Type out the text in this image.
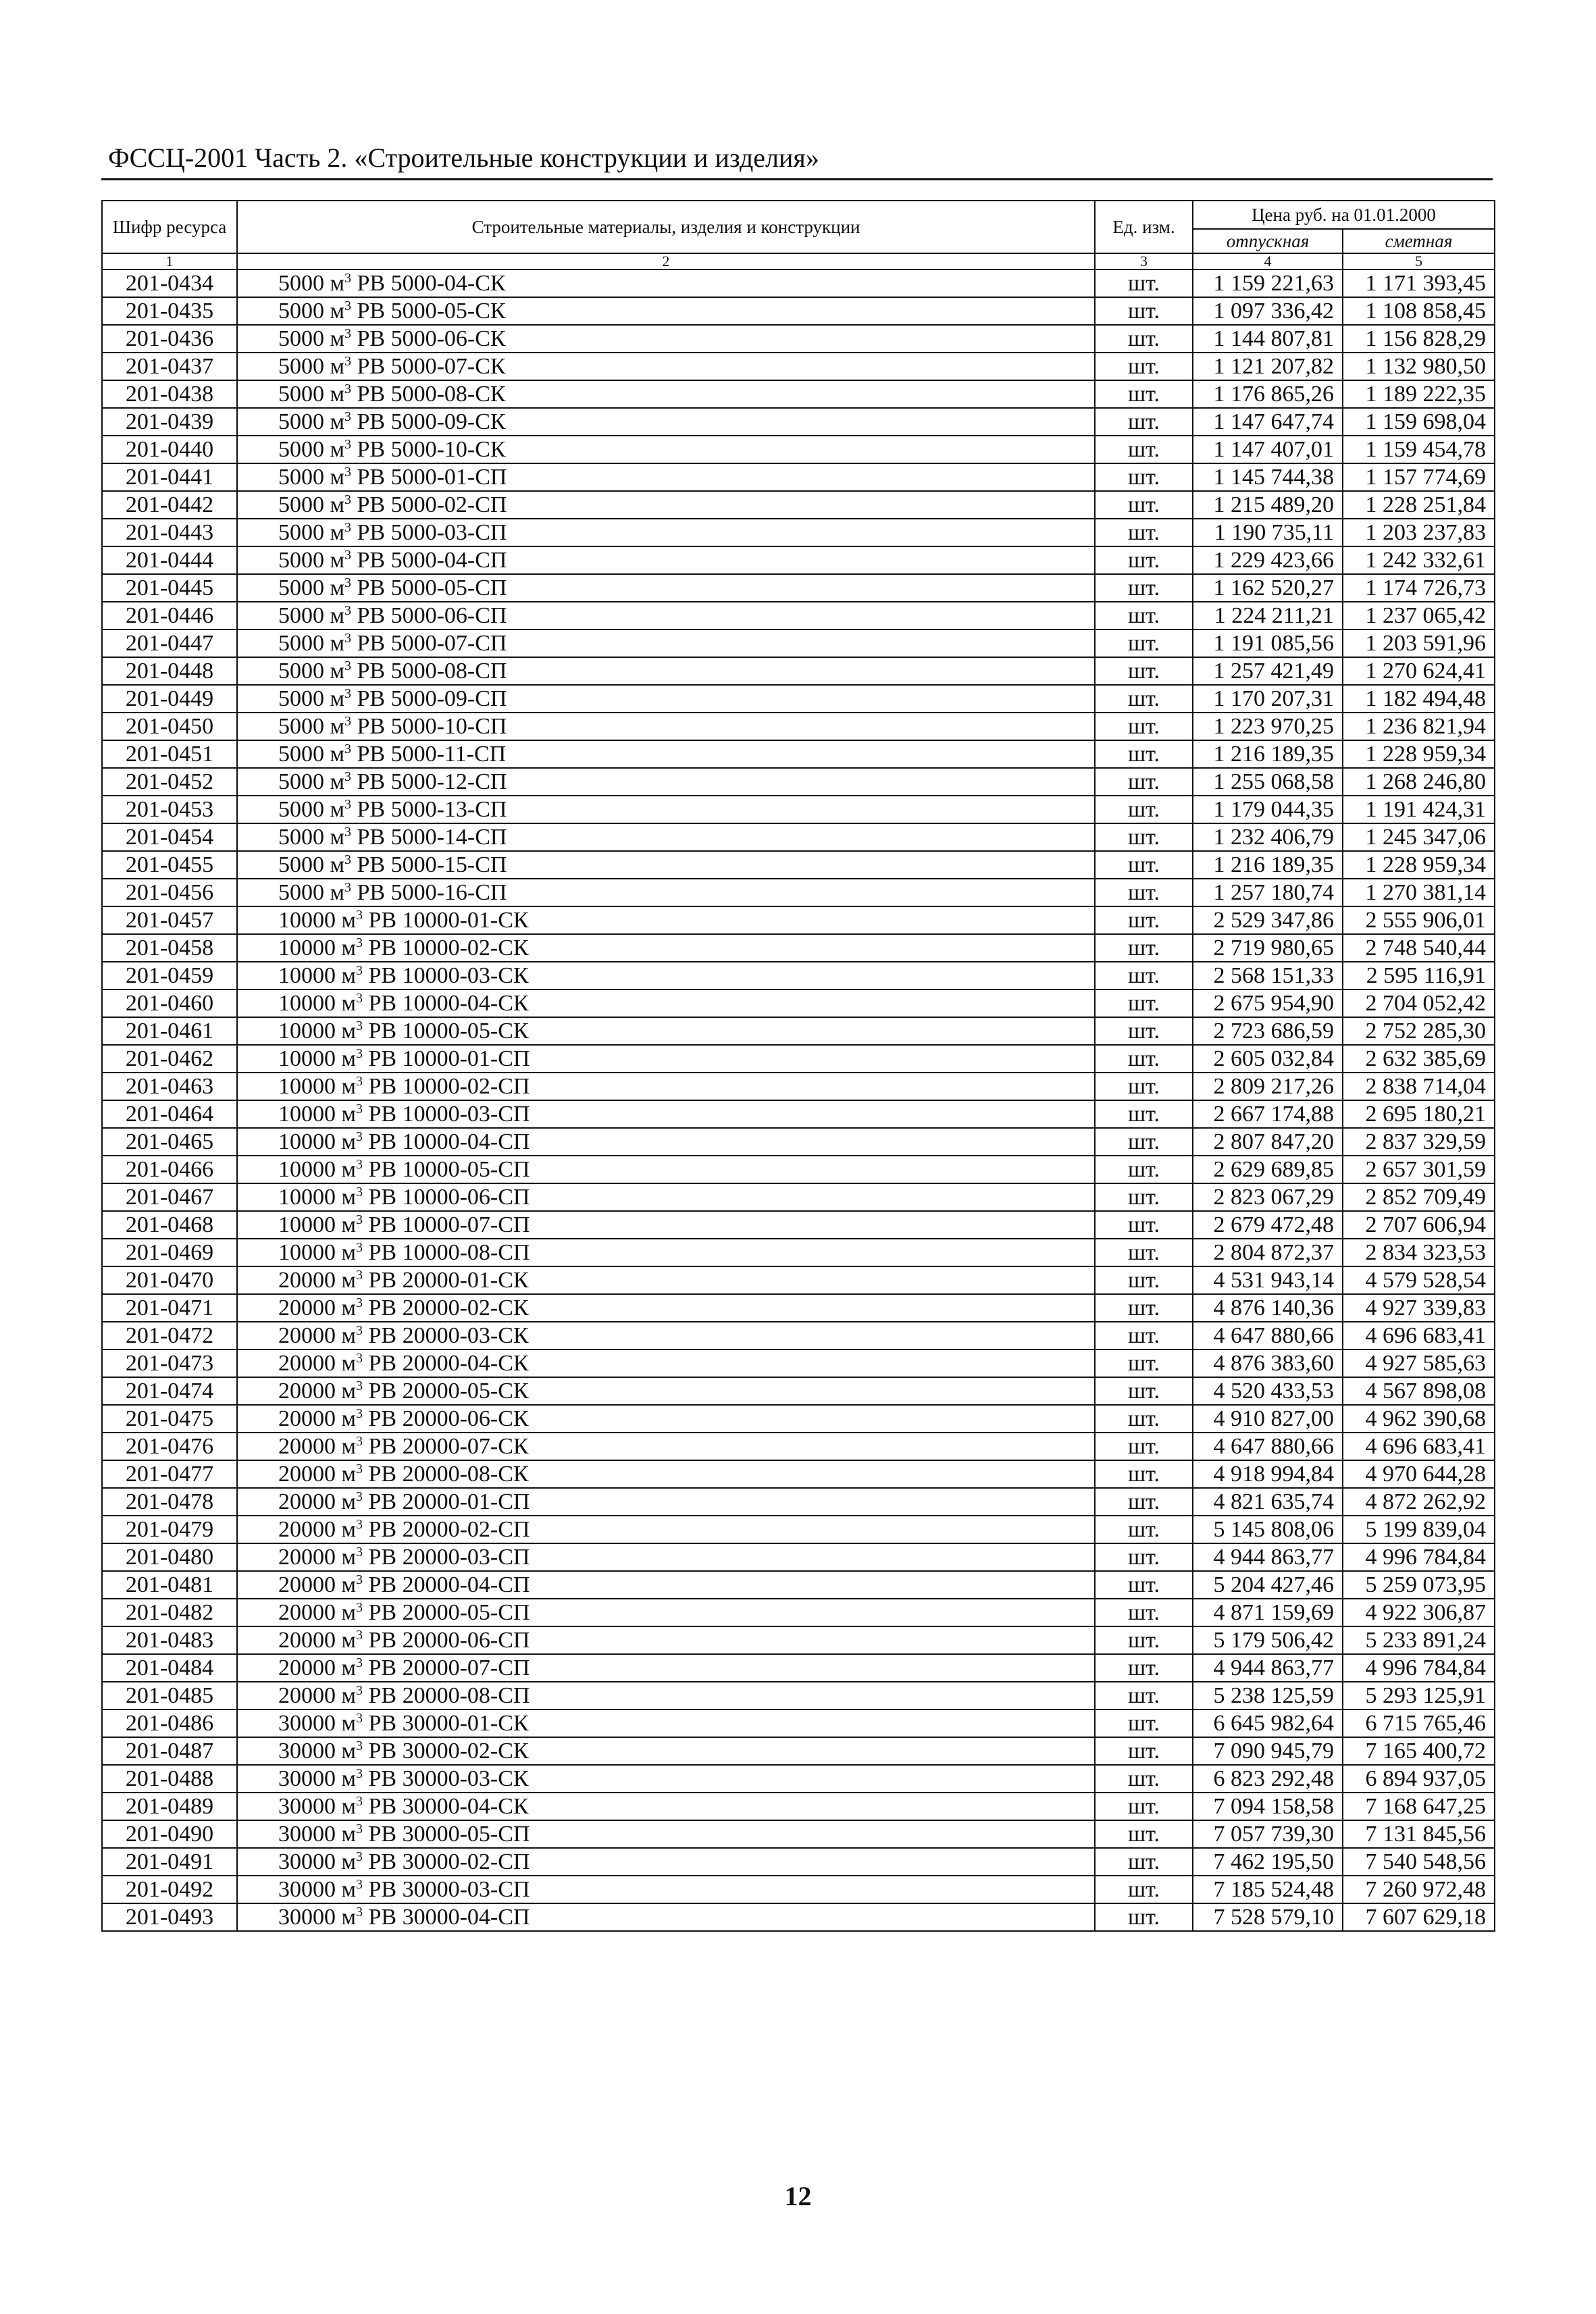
ФССЦ-2001 Часть 2. «Строительные конструкции и изделия»
Шифр ресурса	Строительные материалы, изделия и конструкции	Ед. изм.	Цена руб. на 01.01.2000	
			отпускная	сметная
1	2	3	4	5
201-0434	5000 $м^3$ РВ 5000-04-СК	шт.	1 159 221,63	1 171 393,45
201-0435	5000 $м^3$ РВ 5000-05-СК	шт.	1 097 336,42	1 108 858,45
201-0436	5000 $м^3$ РВ 5000-06-СК	шт.	1 144 807,81	1 156 828,29
201-0437	5000 $м^3$ РВ 5000-07-СК	шт.	1 121 207,82	1 132 980,50
201-0438	5000 $м^3$ РВ 5000-08-СК	шт.	1 176 865,26	1 189 222,35
201-0439	5000 $м^3$ РВ 5000-09-СК	шт.	1 147 647,74	1 159 698,04
201-0440	5000 $м^3$ РВ 5000-10-СК	шт.	1 147 407,01	1 159 454,78
201-0441	5000 $м^3$ РВ 5000-01-СП	шт.	1 145 744,38	1 157 774,69
201-0442	5000 $м^3$ РВ 5000-02-СП	шт.	1 215 489,20	1 228 251,84
201-0443	5000 $м^3$ РВ 5000-03-СП	шт.	1 190 735,11	1 203 237,83
201-0444	5000 $м^3$ РВ 5000-04-СП	шт.	1 229 423,66	1 242 332,61
201-0445	5000 $м^3$ РВ 5000-05-СП	шт.	1 162 520,27	1 174 726,73
201-0446	5000 $м^3$ РВ 5000-06-СП	шт.	1 224 211,21	1 237 065,42
201-0447	5000 $м^3$ РВ 5000-07-СП	шт.	1 191 085,56	1 203 591,96
201-0448	5000 $м^3$ РВ 5000-08-СП	шт.	1 257 421,49	1 270 624,41
201-0449	5000 $м^3$ РВ 5000-09-СП	шт.	1 170 207,31	1 182 494,48
201-0450	5000 $м^3$ РВ 5000-10-СП	шт.	1 223 970,25	1 236 821,94
201-0451	5000 $м^3$ РВ 5000-11-СП	шт.	1 216 189,35	1 228 959,34
201-0452	5000 $м^3$ РВ 5000-12-СП	шт.	1 255 068,58	1 268 246,80
201-0453	5000 $м^3$ РВ 5000-13-СП	шт.	1 179 044,35	1 191 424,31
201-0454	5000 $м^3$ РВ 5000-14-СП	шт.	1 232 406,79	1 245 347,06
201-0455	5000 $м^3$ РВ 5000-15-СП	шт.	1 216 189,35	1 228 959,34
201-0456	5000 $м^3$ РВ 5000-16-СП	шт.	1 257 180,74	1 270 381,14
201-0457	10000 $м^3$ РВ 10000-01-СК	шт.	2 529 347,86	2 555 906,01
201-0458	10000 $м^3$ РВ 10000-02-СК	шт.	2 719 980,65	2 748 540,44
201-0459	10000 $м^3$ РВ 10000-03-СК	шт.	2 568 151,33	2 595 116,91
201-0460	10000 $м^3$ РВ 10000-04-СК	шт.	2 675 954,90	2 704 052,42
201-0461	10000 $м^3$ РВ 10000-05-СК	шт.	2 723 686,59	2 752 285,30
201-0462	10000 $м^3$ РВ 10000-01-СП	шт.	2 605 032,84	2 632 385,69
201-0463	10000 $м^3$ РВ 10000-02-СП	шт.	2 809 217,26	2 838 714,04
201-0464	10000 $м^3$ РВ 10000-03-СП	шт.	2 667 174,88	2 695 180,21
201-0465	10000 $м^3$ РВ 10000-04-СП	шт.	2 807 847,20	2 837 329,59
201-0466	10000 $м^3$ РВ 10000-05-СП	шт.	2 629 689,85	2 657 301,59
201-0467	10000 $м^3$ РВ 10000-06-СП	шт.	2 823 067,29	2 852 709,49
201-0468	10000 $м^3$ РВ 10000-07-СП	шт.	2 679 472,48	2 707 606,94
201-0469	10000 $м^3$ РВ 10000-08-СП	шт.	2 804 872,37	2 834 323,53
201-0470	20000 $м^3$ РВ 20000-01-СК	шт.	4 531 943,14	4 579 528,54
201-0471	20000 $м^3$ РВ 20000-02-СК	шт.	4 876 140,36	4 927 339,83
201-0472	20000 $м^3$ РВ 20000-03-СК	шт.	4 647 880,66	4 696 683,41
201-0473	20000 $м^3$ РВ 20000-04-СК	шт.	4 876 383,60	4 927 585,63
201-0474	20000 $м^3$ РВ 20000-05-СК	шт.	4 520 433,53	4 567 898,08
201-0475	20000 $м^3$ РВ 20000-06-СК	шт.	4 910 827,00	4 962 390,68
201-0476	20000 $м^3$ РВ 20000-07-СК	шт.	4 647 880,66	4 696 683,41
201-0477	20000 $м^3$ РВ 20000-08-СК	шт.	4 918 994,84	4 970 644,28
201-0478	20000 $м^3$ РВ 20000-01-СП	шт.	4 821 635,74	4 872 262,92
201-0479	20000 $м^3$ РВ 20000-02-СП	шт.	5 145 808,06	5 199 839,04
201-0480	20000 $м^3$ РВ 20000-03-СП	шт.	4 944 863,77	4 996 784,84
201-0481	20000 $м^3$ РВ 20000-04-СП	шт.	5 204 427,46	5 259 073,95
201-0482	20000 $м^3$ РВ 20000-05-СП	шт.	4 871 159,69	4 922 306,87
201-0483	20000 $м^3$ РВ 20000-06-СП	шт.	5 179 506,42	5 233 891,24
201-0484	20000 $м^3$ РВ 20000-07-СП	шт.	4 944 863,77	4 996 784,84
201-0485	20000 $м^3$ РВ 20000-08-СП	шт.	5 238 125,59	5 293 125,91
201-0486	30000 $м^3$ РВ 30000-01-СК	шт.	6 645 982,64	6 715 765,46
201-0487	30000 $м^3$ РВ 30000-02-СК	шт.	7 090 945,79	7 165 400,72
201-0488	30000 $м^3$ РВ 30000-03-СК	шт.	6 823 292,48	6 894 937,05
201-0489	30000 $м^3$ РВ 30000-04-СК	шт.	7 094 158,58	7 168 647,25
201-0490	30000 $м^3$ РВ 30000-05-СП	шт.	7 057 739,30	7 131 845,56
201-0491	30000 $м^3$ РВ 30000-02-СП	шт.	7 462 195,50	7 540 548,56
201-0492	30000 $м^3$ РВ 30000-03-СП	шт.	7 185 524,48	7 260 972,48
201-0493	30000 $м^3$ РВ 30000-04-СП	шт.	7 528 579,10	7 607 629,18
12
